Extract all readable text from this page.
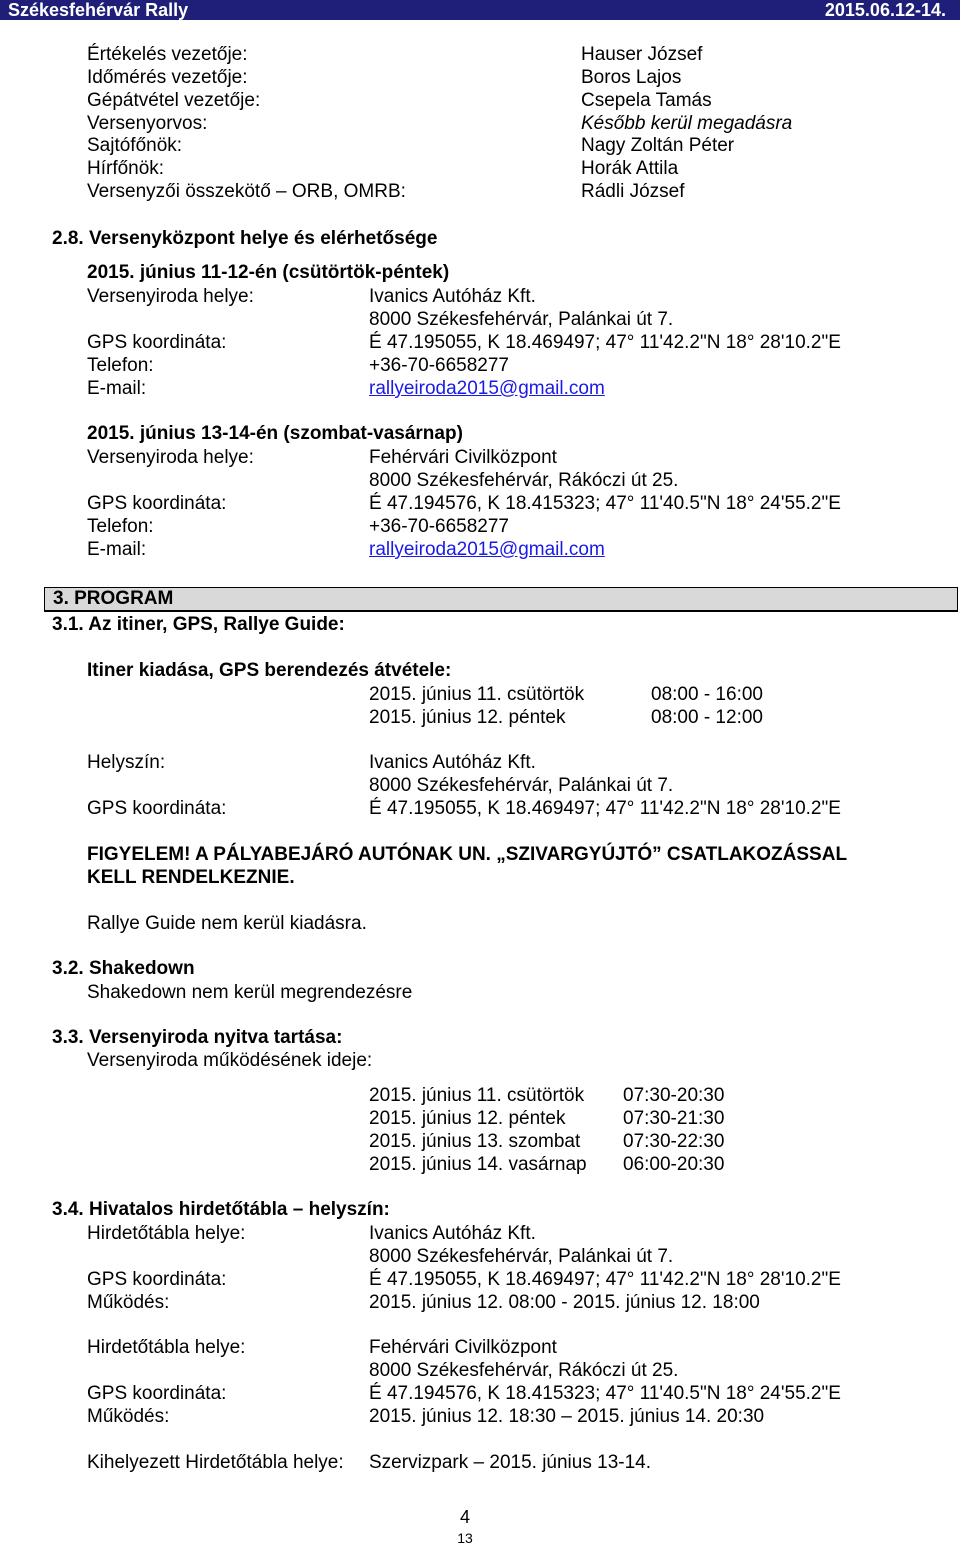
Székesfehérvár Rally	2015.06.12-14.
Értékelés vezetője:	Hauser József
Időmérés vezetője:	Boros Lajos
Gépátvétel vezetője:	Csepela Tamás
Versenyorvos:	Később kerül megadásra
Sajtófőnök:	Nagy Zoltán Péter
Hírfőnök:	Horák Attila
Versenyzői összekötő – ORB, OMRB:	Rádli József
2.8. Versenyközpont helye és elérhetősége
2015. június 11-12-én (csütörtök-péntek)
Versenyiroda helye:	Ivanics Autóház Kft.
8000 Székesfehérvár, Palánkai út 7.
GPS koordináta:	É 47.195055, K 18.469497; 47° 11'42.2"N 18° 28'10.2"E
Telefon:	+36-70-6658277
E-mail:	rallyeiroda2015@gmail.com
2015. június 13-14-én (szombat-vasárnap)
Versenyiroda helye:	Fehérvári Civilközpont
8000 Székesfehérvár, Rákóczi út 25.
GPS koordináta:	É 47.194576, K 18.415323; 47° 11'40.5"N 18° 24'55.2"E
Telefon:	+36-70-6658277
E-mail:	rallyeiroda2015@gmail.com
3. PROGRAM
3.1. Az itiner, GPS, Rallye Guide:
Itiner kiadása, GPS berendezés átvétele:
2015. június 11. csütörtök	08:00 - 16:00
2015. június 12. péntek	08:00 - 12:00
Helyszín:	Ivanics Autóház Kft.
8000 Székesfehérvár, Palánkai út 7.
GPS koordináta:	É 47.195055, K 18.469497; 47° 11'42.2"N 18° 28'10.2"E
FIGYELEM! A PÁLYABEJÁRÓ AUTÓNAK UN. „SZIVARGYÚJTÓ” CSATLAKOZÁSSAL
KELL RENDELKEZNIE.
Rallye Guide nem kerül kiadásra.
3.2. Shakedown
Shakedown nem kerül megrendezésre
3.3. Versenyiroda nyitva tartása:
Versenyiroda működésének ideje:
2015. június 11. csütörtök 07:30-20:30
2015. június 12. péntek	07:30-21:30
2015. június 13. szombat 07:30-22:30
2015. június 14. vasárnap 06:00-20:30
3.4. Hivatalos hirdetőtábla – helyszín:
Hirdetőtábla helye:	Ivanics Autóház Kft.
8000 Székesfehérvár, Palánkai út 7.
GPS koordináta:	É 47.195055, K 18.469497; 47° 11'42.2"N 18° 28'10.2"E
Működés:	2015. június 12. 08:00 - 2015. június 12. 18:00
Hirdetőtábla helye:	Fehérvári Civilközpont
8000 Székesfehérvár, Rákóczi út 25.
GPS koordináta:	É 47.194576, K 18.415323; 47° 11'40.5"N 18° 24'55.2"E
Működés:	2015. június 12. 18:30 – 2015. június 14. 20:30
Kihelyezett Hirdetőtábla helye: Szervizpark – 2015. június 13-14.
4
13
